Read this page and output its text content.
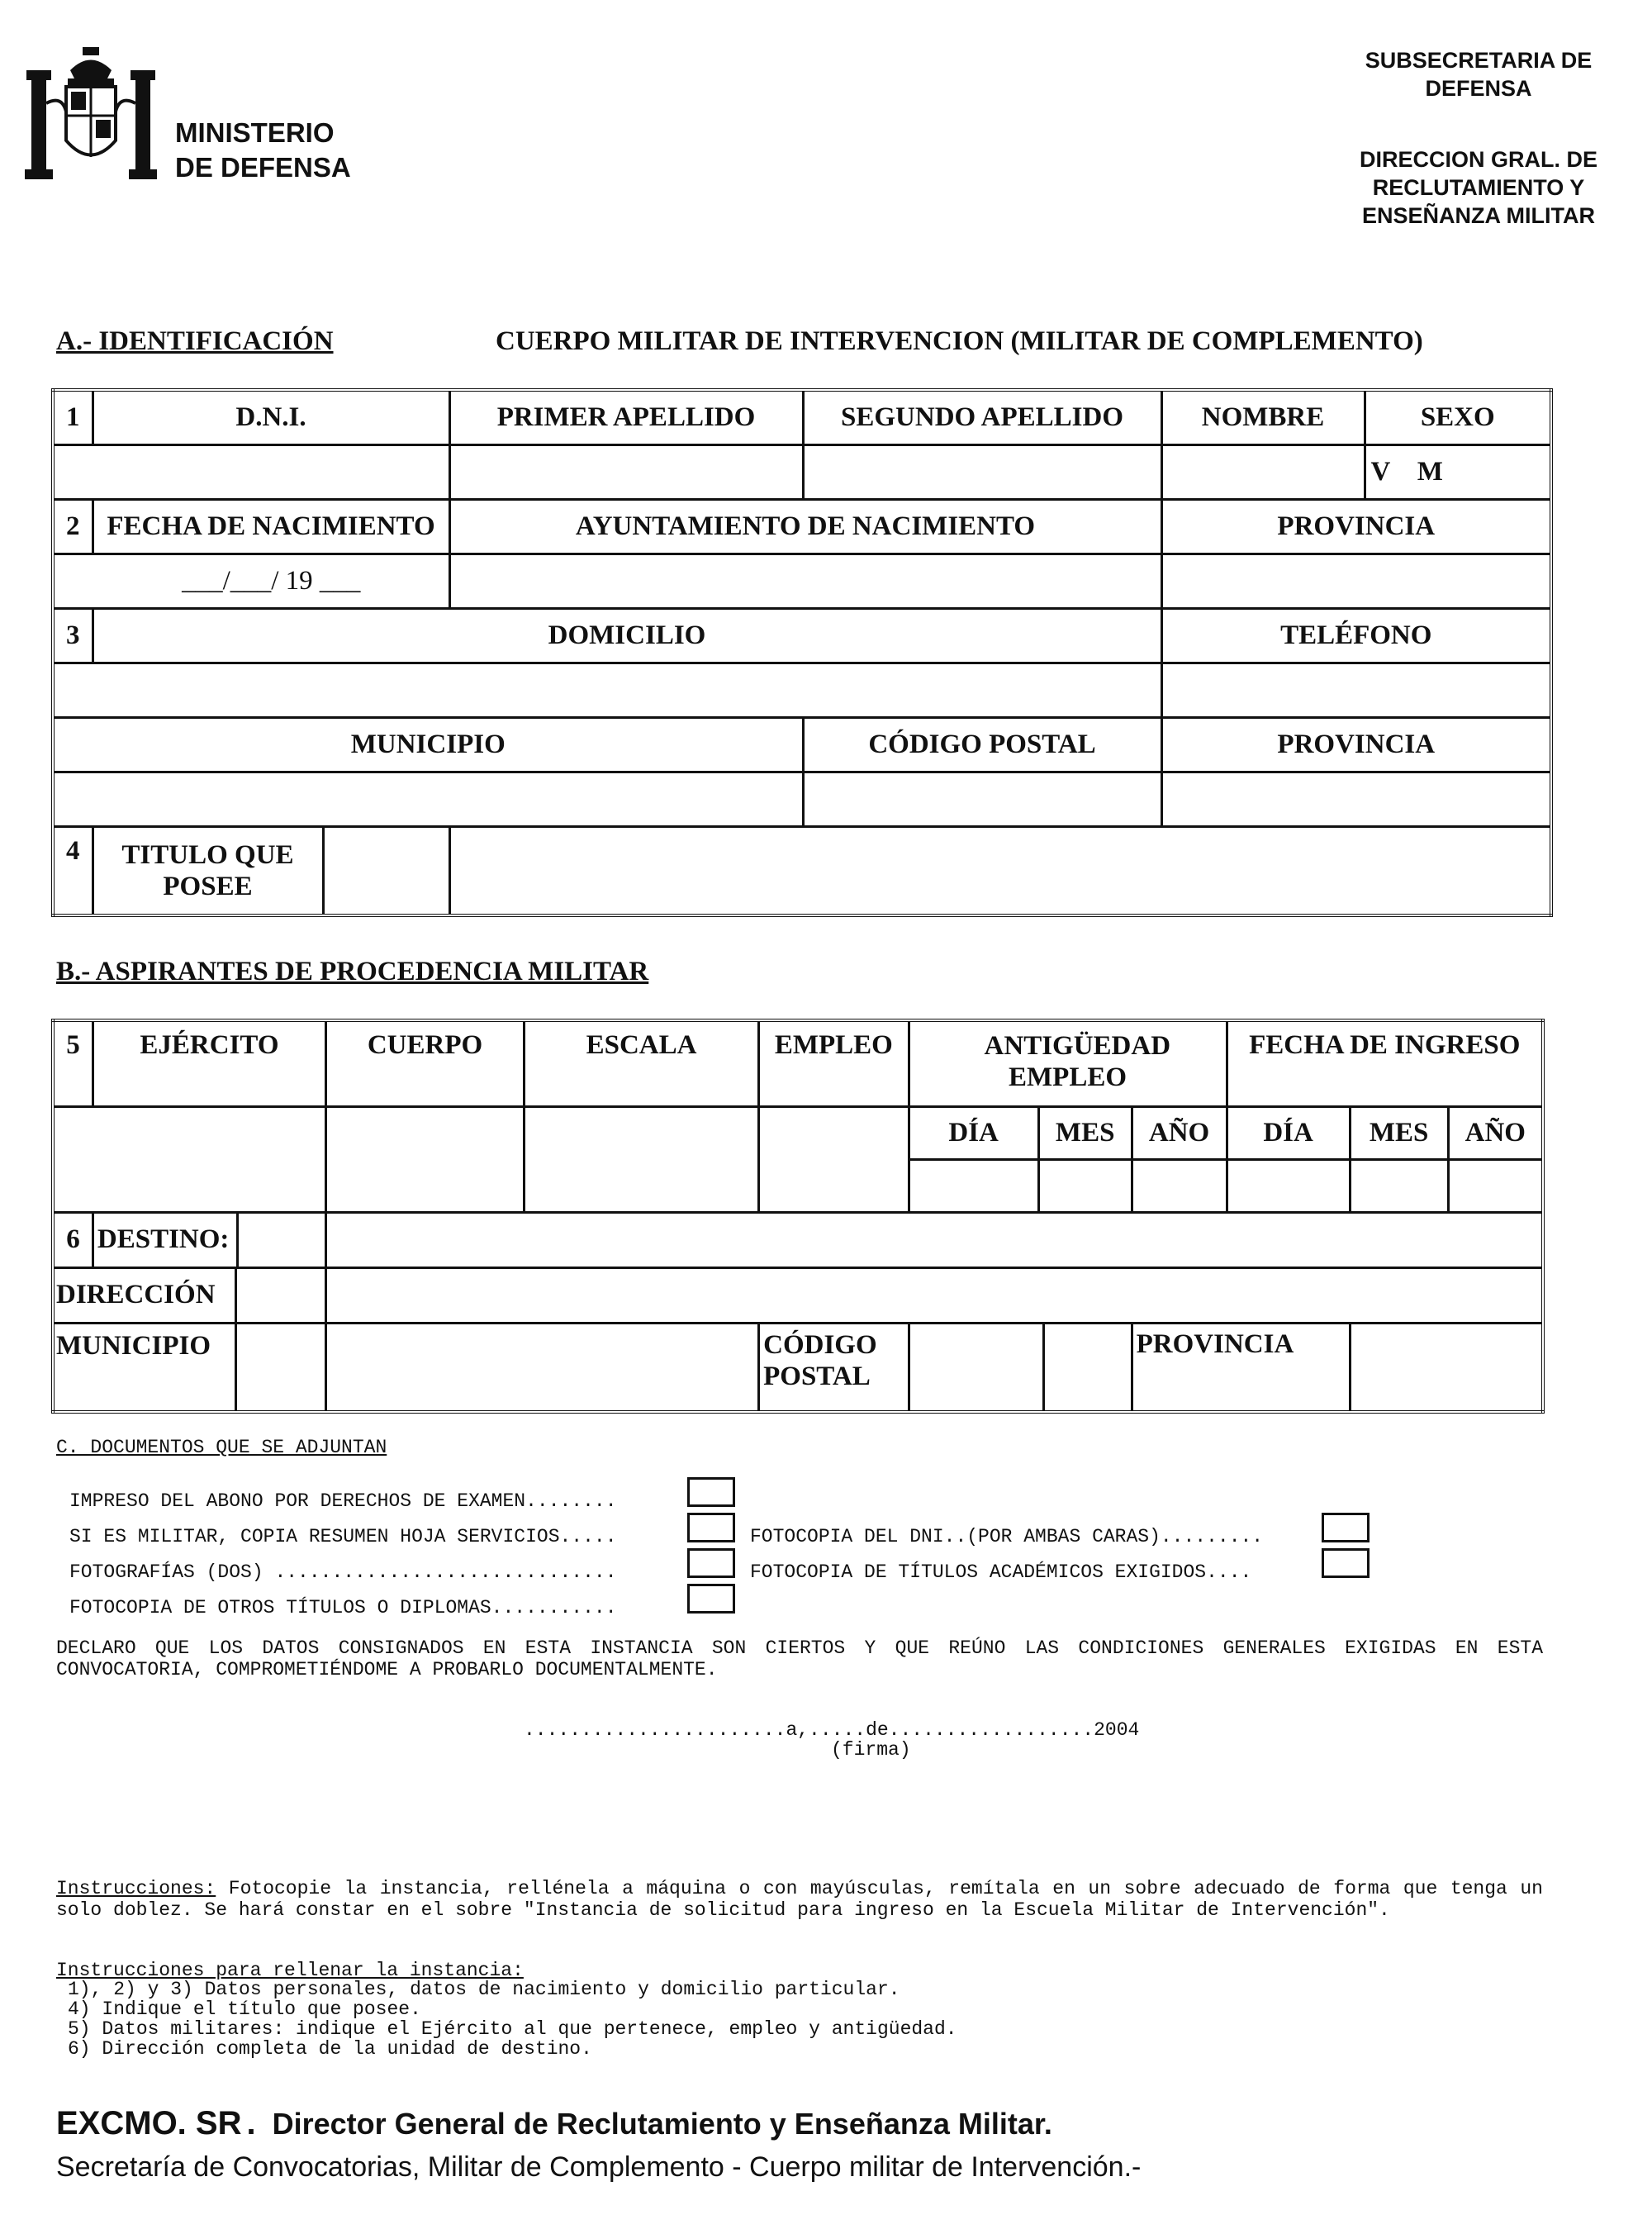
MINISTERIO
DE DEFENSA
SUBSECRETARIA DE
DEFENSA
DIRECCION GRAL. DE
RECLUTAMIENTO Y
ENSEÑANZA MILITAR
A.- IDENTIFICACIÓN	CUERPO MILITAR DE INTERVENCION (MILITAR DE COMPLEMENTO)
1	D.N.I.	PRIMER APELLIDO	SEGUNDO APELLIDO	NOMBRE	SEXO

					V    M
2	FECHA DE NACIMIENTO	AYUNTAMIENTO DE NACIMIENTO		PROVINCIA	
___/___/ 19 ___					
3	DOMICILIO			TELÉFONO	

MUNICIPIO			CÓDIGO POSTAL	PROVINCIA	

4	TITULO QUE POSEE				

B.- ASPIRANTES DE PROCEDENCIA MILITAR
5	EJÉRCITO	CUERPO	ESCALA	EMPLEO	ANTIGÜEDAD EMPLEO			FECHA DE INGRESO		
					DÍA	MES	AÑO	DÍA	MES	AÑO

6	DESTINO:									

DIRECCIÓN										

MUNICIPIO				CÓDIGO POSTAL			PROVINCIA			
C. DOCUMENTOS QUE SE ADJUNTAN
IMPRESO DEL ABONO POR DERECHOS DE EXAMEN........
SI ES MILITAR, COPIA RESUMEN HOJA SERVICIOS.....
FOTOGRAFÍAS (DOS) ..............................
FOTOCOPIA DE OTROS TÍTULOS O DIPLOMAS...........
FOTOCOPIA DEL DNI..(POR AMBAS CARAS).........
FOTOCOPIA DE TÍTULOS ACADÉMICOS EXIGIDOS....
DECLARO QUE LOS DATOS CONSIGNADOS EN ESTA INSTANCIA SON CIERTOS Y QUE REÚNO LAS CONDICIONES GENERALES EXIGIDAS EN ESTA CONVOCATORIA, COMPROMETIÉNDOME A PROBARLO DOCUMENTALMENTE.
.......................a,.....de..................2004
(firma)
Instrucciones: Fotocopie la instancia, rellénela a máquina o con mayúsculas, remítala en un sobre adecuado de forma que tenga un solo doblez. Se hará constar en el sobre "Instancia de solicitud para ingreso en la Escuela Militar de Intervención".
Instrucciones para rellenar la instancia:
1), 2) y 3) Datos personales, datos de nacimiento y domicilio particular.
4) Indique el título que posee.
5) Datos militares: indique el Ejército al que pertenece, empleo y antigüedad.
6) Dirección completa de la unidad de destino.
EXCMO. SR . Director General de Reclutamiento y Enseñanza Militar.
Secretaría de Convocatorias, Militar de Complemento - Cuerpo militar de Intervención.-
